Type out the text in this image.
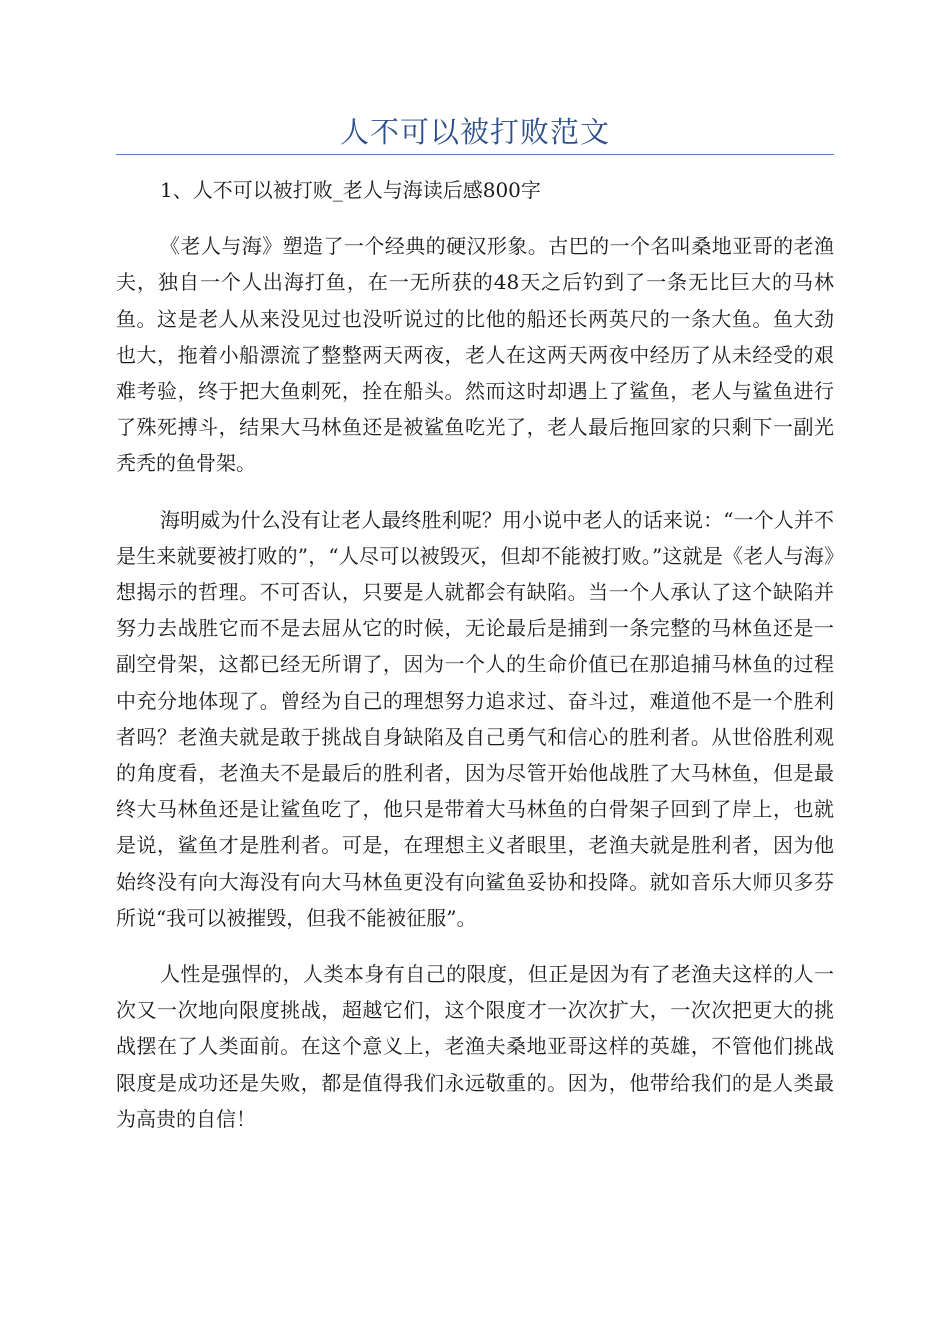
人不可以被打败范文

1、人不可以被打败_老人与海读后感800字

《老人与海》塑造了一个经典的硬汉形象。古巴的一个名叫桑地亚哥的老渔夫，独自一个人出海打鱼，在一无所获的48天之后钓到了一条无比巨大的马林鱼。这是老人从来没见过也没听说过的比他的船还长两英尺的一条大鱼。鱼大劲也大，拖着小船漂流了整整两天两夜，老人在这两天两夜中经历了从未经受的艰难考验，终于把大鱼刺死，拴在船头。然而这时却遇上了鲨鱼，老人与鲨鱼进行了殊死搏斗，结果大马林鱼还是被鲨鱼吃光了，老人最后拖回家的只剩下一副光秃秃的鱼骨架。

海明威为什么没有让老人最终胜利呢？用小说中老人的话来说：“一个人并不是生来就要被打败的”，“人尽可以被毁灭，但却不能被打败。”这就是《老人与海》想揭示的哲理。不可否认，只要是人就都会有缺陷。当一个人承认了这个缺陷并努力去战胜它而不是去屈从它的时候，无论最后是捕到一条完整的马林鱼还是一副空骨架，这都已经无所谓了，因为一个人的生命价值已在那追捕马林鱼的过程中充分地体现了。曾经为自己的理想努力追求过、奋斗过，难道他不是一个胜利者吗？老渔夫就是敢于挑战自身缺陷及自己勇气和信心的胜利者。从世俗胜利观的角度看，老渔夫不是最后的胜利者，因为尽管开始他战胜了大马林鱼，但是最终大马林鱼还是让鲨鱼吃了，他只是带着大马林鱼的白骨架子回到了岸上，也就是说，鲨鱼才是胜利者。可是，在理想主义者眼里，老渔夫就是胜利者，因为他始终没有向大海没有向大马林鱼更没有向鲨鱼妥协和投降。就如音乐大师贝多芬所说“我可以被摧毁，但我不能被征服”。

人性是强悍的，人类本身有自己的限度，但正是因为有了老渔夫这样的人一次又一次地向限度挑战，超越它们，这个限度才一次次扩大，一次次把更大的挑战摆在了人类面前。在这个意义上，老渔夫桑地亚哥这样的英雄，不管他们挑战限度是成功还是失败，都是值得我们永远敬重的。因为，他带给我们的是人类最为高贵的自信！
